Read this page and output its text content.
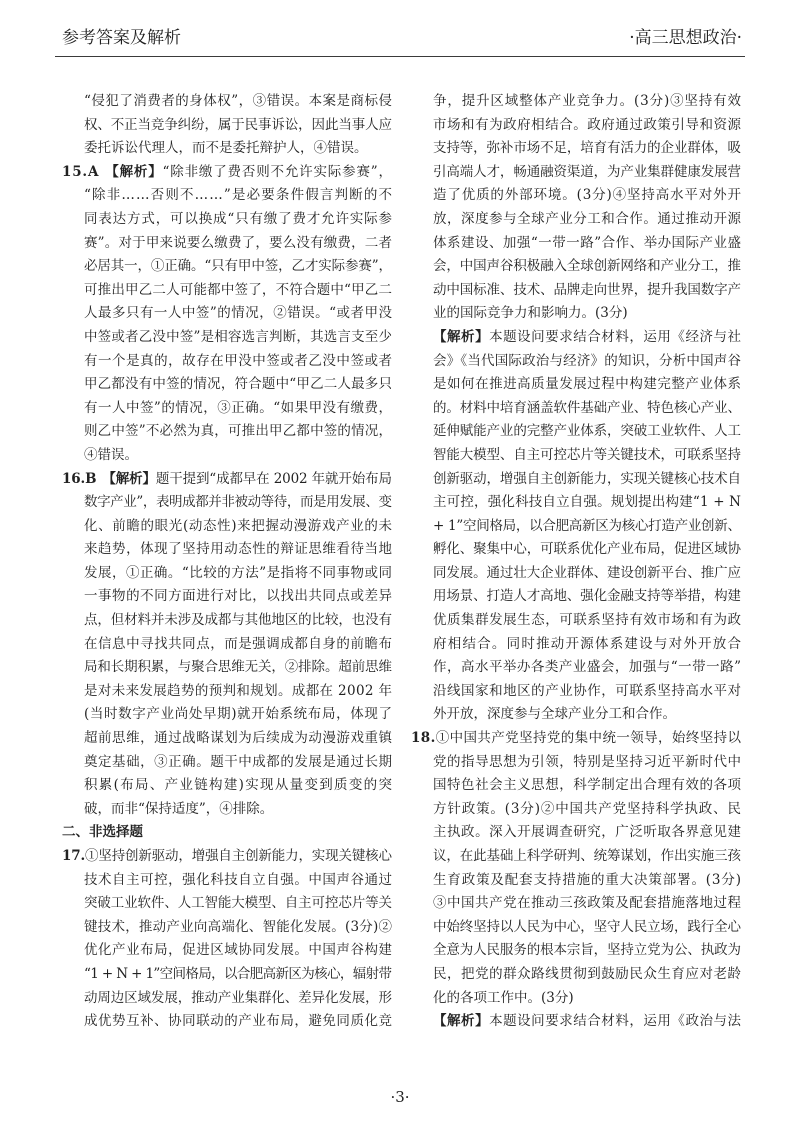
参考答案及解析	·高三思想政治·
“侵犯了消费者的身体权”，③错误。本案是商标侵
权、不正当竞争纠纷，属于民事诉讼，因此当事人应
委托诉讼代理人，而不是委托辩护人，④错误。
15.A 【解析】“除非缴了费否则不允许实际参赛”，
“除非……否则不……”是必要条件假言判断的不
同表达方式，可以换成“只有缴了费才允许实际参
赛”。对于甲来说要么缴费了，要么没有缴费，二者
必居其一，①正确。“只有甲中签，乙才实际参赛”，
可推出甲乙二人可能都中签了，不符合题中“甲乙二
人最多只有一人中签”的情况，②错误。“或者甲没
中签或者乙没中签”是相容选言判断，其选言支至少
有一个是真的，故存在甲没中签或者乙没中签或者
甲乙都没有中签的情况，符合题中“甲乙二人最多只
有一人中签”的情况，③正确。“如果甲没有缴费，
则乙中签”不必然为真，可推出甲乙都中签的情况，
④错误。
16.B 【解析】题干提到“成都早在 2002 年就开始布局
数字产业”，表明成都并非被动等待，而是用发展、变
化、前瞻的眼光(动态性)来把握动漫游戏产业的未
来趋势，体现了坚持用动态性的辩证思维看待当地
发展，①正确。“比较的方法”是指将不同事物或同
一事物的不同方面进行对比，以找出共同点或差异
点，但材料并未涉及成都与其他地区的比较，也没有
在信息中寻找共同点，而是强调成都自身的前瞻布
局和长期积累，与聚合思维无关，②排除。超前思维
是对未来发展趋势的预判和规划。成都在 2002 年
(当时数字产业尚处早期)就开始系统布局，体现了
超前思维，通过战略谋划为后续成为动漫游戏重镇
奠定基础，③正确。题干中成都的发展是通过长期
积累(布局、产业链构建)实现从量变到质变的突
破，而非“保持适度”，④排除。
二、非选择题
17.①坚持创新驱动，增强自主创新能力，实现关键核心
技术自主可控，强化科技自立自强。中国声谷通过
突破工业软件、人工智能大模型、自主可控芯片等关
键技术，推动产业向高端化、智能化发展。(3分)②
优化产业布局，促进区域协同发展。中国声谷构建
“1 + N + 1”空间格局，以合肥高新区为核心，辐射带
动周边区域发展，推动产业集群化、差异化发展，形
成优势互补、协同联动的产业布局，避免同质化竞
争，提升区域整体产业竞争力。(3分)③坚持有效
市场和有为政府相结合。政府通过政策引导和资源
支持等，弥补市场不足，培育有活力的企业群体，吸
引高端人才，畅通融资渠道，为产业集群健康发展营
造了优质的外部环境。(3分)④坚持高水平对外开
放，深度参与全球产业分工和合作。通过推动开源
体系建设、加强“一带一路”合作、举办国际产业盛
会，中国声谷积极融入全球创新网络和产业分工，推
动中国标准、技术、品牌走向世界，提升我国数字产
业的国际竞争力和影响力。(3分)
【解析】本题设问要求结合材料，运用《经济与社
会》《当代国际政治与经济》的知识，分析中国声谷
是如何在推进高质量发展过程中构建完整产业体系
的。材料中培育涵盖软件基础产业、特色核心产业、
延伸赋能产业的完整产业体系，突破工业软件、人工
智能大模型、自主可控芯片等关键技术，可联系坚持
创新驱动，增强自主创新能力，实现关键核心技术自
主可控，强化科技自立自强。规划提出构建“1 + N
+ 1”空间格局，以合肥高新区为核心打造产业创新、
孵化、聚集中心，可联系优化产业布局，促进区域协
同发展。通过壮大企业群体、建设创新平台、推广应
用场景、打造人才高地、强化金融支持等举措，构建
优质集群发展生态，可联系坚持有效市场和有为政
府相结合。同时推动开源体系建设与对外开放合
作，高水平举办各类产业盛会，加强与“一带一路”
沿线国家和地区的产业协作，可联系坚持高水平对
外开放，深度参与全球产业分工和合作。
18.①中国共产党坚持党的集中统一领导，始终坚持以
党的指导思想为引领，特别是坚持习近平新时代中
国特色社会主义思想，科学制定出合理有效的各项
方针政策。(3分)②中国共产党坚持科学执政、民
主执政。深入开展调查研究，广泛听取各界意见建
议，在此基础上科学研判、统筹谋划，作出实施三孩
生育政策及配套支持措施的重大决策部署。(3分)
③中国共产党在推动三孩政策及配套措施落地过程
中始终坚持以人民为中心，坚守人民立场，践行全心
全意为人民服务的根本宗旨，坚持立党为公、执政为
民，把党的群众路线贯彻到鼓励民众生育应对老龄
化的各项工作中。(3分)
【解析】本题设问要求结合材料，运用《政治与法
·3·
